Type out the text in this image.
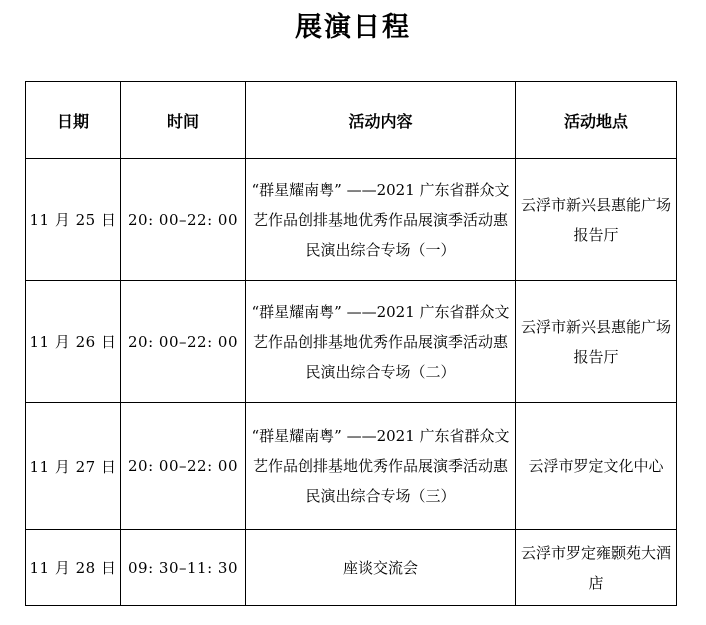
展演日程
日期	时间	活动内容	活动地点
11 月 25 日	20: 00–22: 00	“群星耀南粤” ——2021 广东省群众文艺作品创排基地优秀作品展演季活动惠民演出综合专场（一）	云浮市新兴县惠能广场报告厅
11 月 26 日	20: 00–22: 00	“群星耀南粤” ——2021 广东省群众文艺作品创排基地优秀作品展演季活动惠民演出综合专场（二）	云浮市新兴县惠能广场报告厅
11 月 27 日	20: 00–22: 00	“群星耀南粤” ——2021 广东省群众文艺作品创排基地优秀作品展演季活动惠民演出综合专场（三）	云浮市罗定文化中心
11 月 28 日	09: 30–11: 30	座谈交流会	云浮市罗定雍颢苑大酒店
